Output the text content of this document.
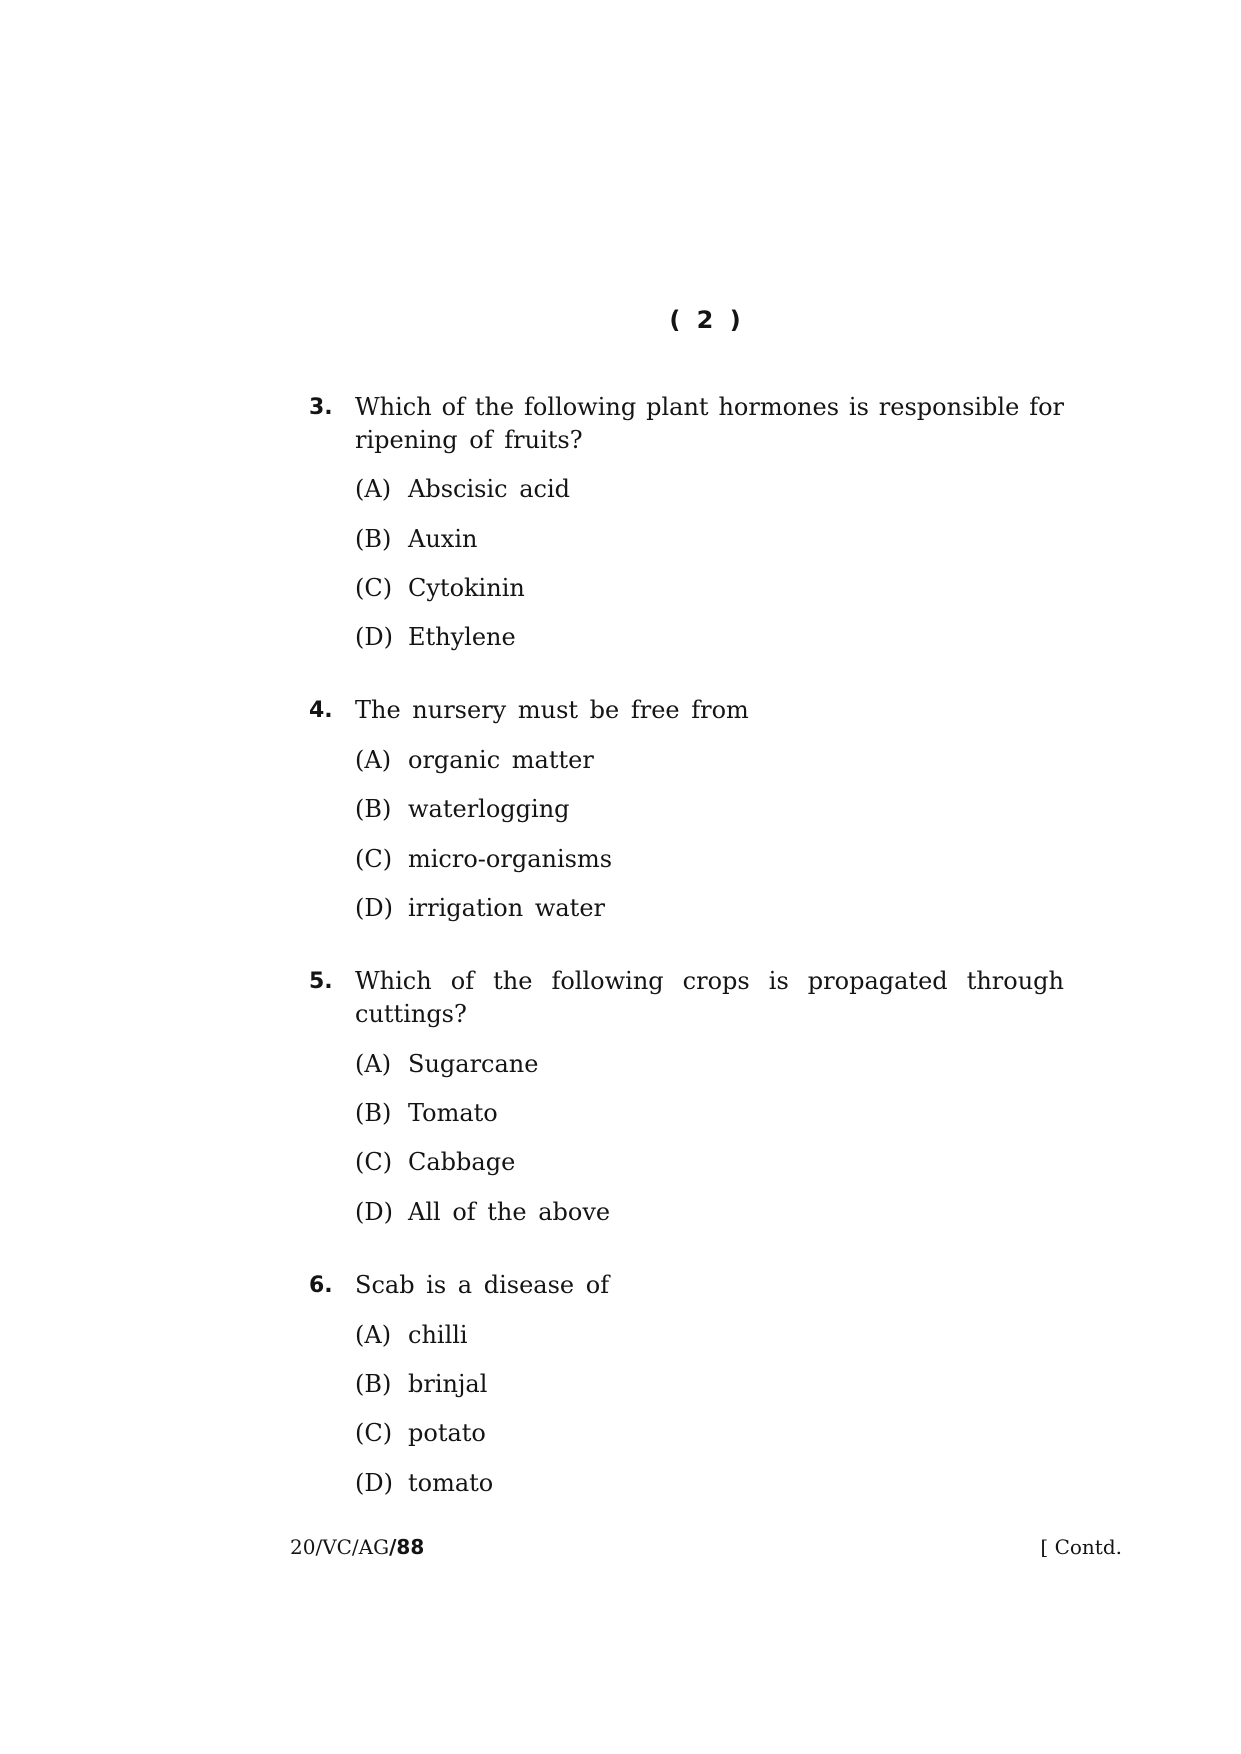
( 2 )
3. Which of the following plant hormones is responsible for
ripening of fruits?
(A) Abscisic acid
(B) Auxin
(C) Cytokinin
(D) Ethylene
4. The nursery must be free from
(A) organic matter
(B) waterlogging
(C) micro-organisms
(D) irrigation water
5. Which of the following crops is propagated through
cuttings?
(A) Sugarcane
(B) Tomato
(C) Cabbage
(D) All of the above
6. Scab is a disease of
(A) chilli
(B) brinjal
(C) potato
(D) tomato
20/VC/AG/88	[ Contd.
